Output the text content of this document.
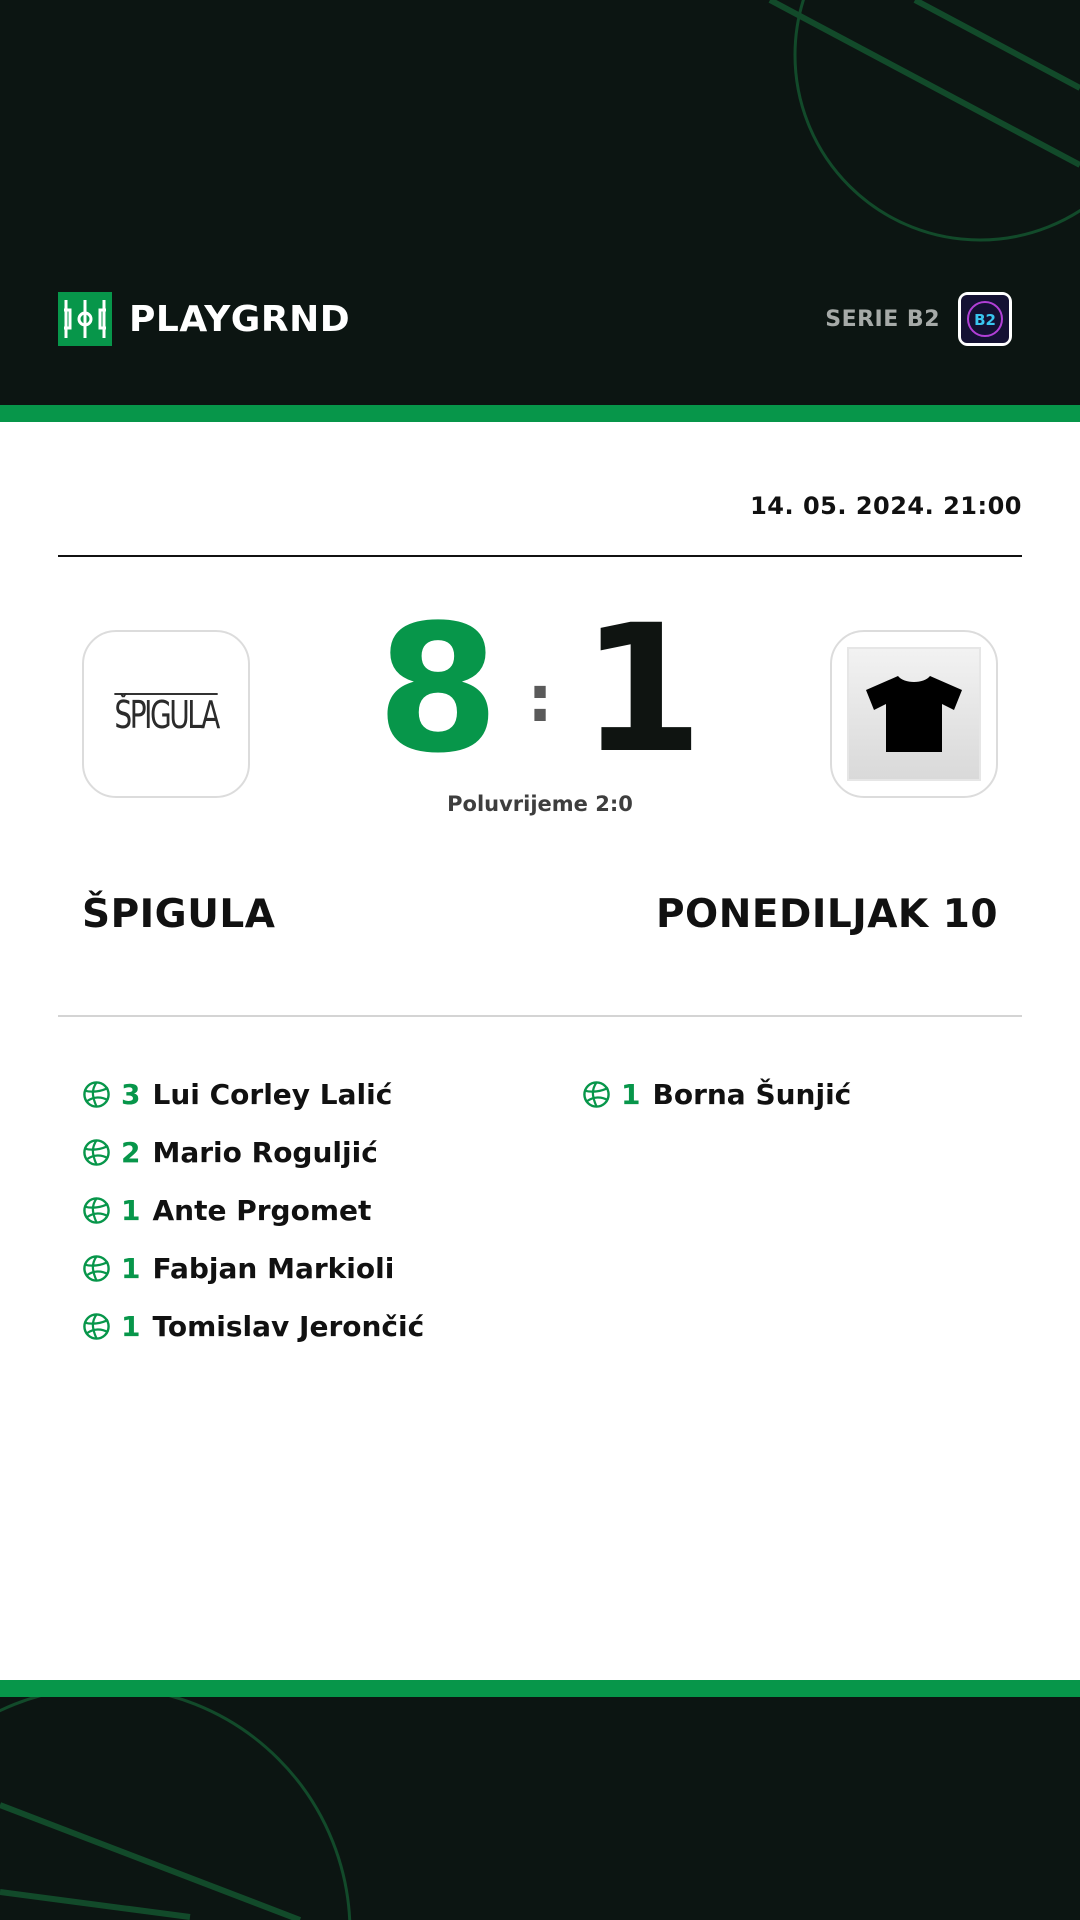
PLAYGRND	SERIE B2 B2
14. 05. 2024. 21:00
ŠPIGULA 8 : 1
Poluvrijeme 2:0
ŠPIGULA	PONEDILJAK 10
3 Lui Corley Lalić
2 Mario Roguljić
1 Ante Prgomet
1 Fabjan Markioli
1 Tomislav Jerončić
1 Borna Šunjić
